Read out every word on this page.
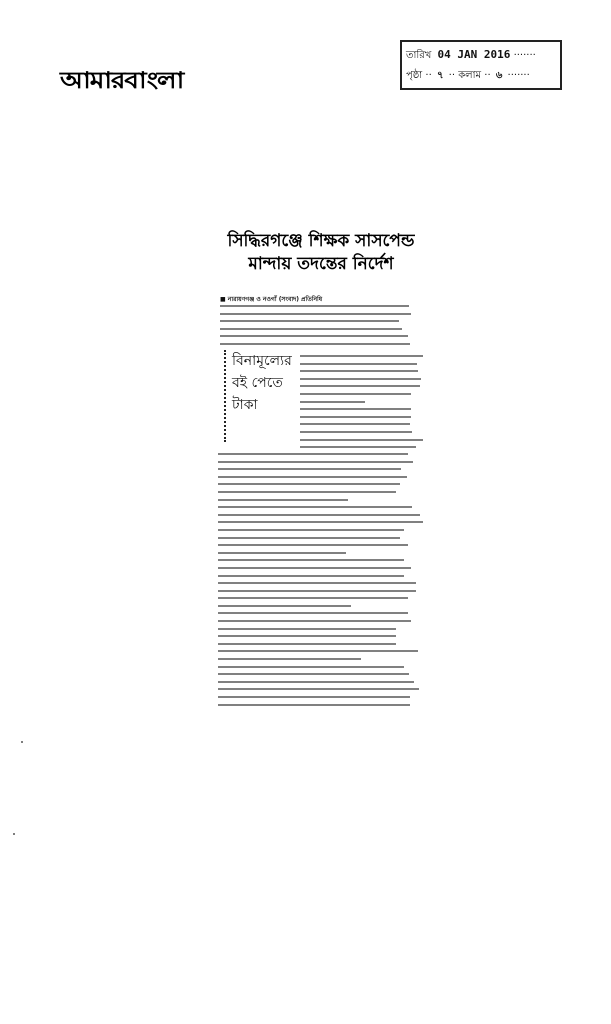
আমারবাংলা
তারিখ 04 JAN 2016 ·······
পৃষ্ঠা ·· ৭ ·· কলাম ·· ৬ ·······
সিদ্ধিরগঞ্জে শিক্ষক সাসপেন্ড
মান্দায় তদন্তের নির্দেশ
■ নারায়ণগঞ্জ ও নওগাঁ (সংবাদ) প্রতিনিধি
বিনামূল্যের
বই পেতে
টাকা
